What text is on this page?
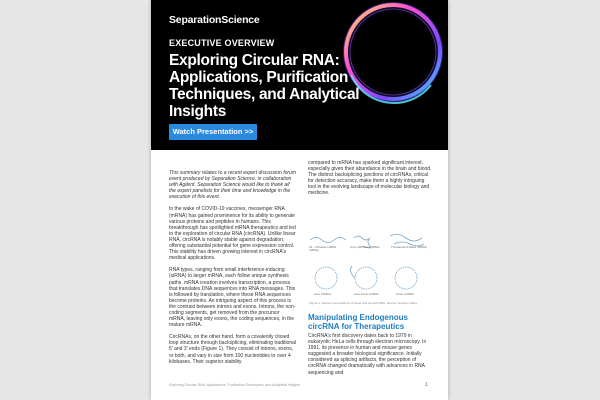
SeparationScience
EXECUTIVE OVERVIEW
Exploring Circular RNA: Applications, Purification Techniques, and Analytical Insights
Watch Presentation >>

This summary relates to a recent expert discussion forum event produced by Separation Science, in collaboration with Agilent. Separation Science would like to thank all the expert panelists for their time and knowledge in the execution of this event.

In the wake of COVID-19 vaccines, messenger RNA (mRNA) has gained prominence for its ability to generate various proteins and peptides in humans. This breakthrough has spotlighted mRNA therapeutics and led to the exploration of circular RNA (circRNA). Unlike linear RNA, circRNA is notably stable against degradation, offering substantial potential for gene expression control. This stability has driven growing interest in circRNA's medical applications.

RNA types, ranging from small interference-inducing (siRNA) to larger mRNA, each follow unique synthesis paths. mRNA creation involves transcription, a process that translates DNA sequences into RNA messages. This is followed by translation, where these RNA sequences become proteins. An intriguing aspect of this process is the contrast between introns and exons. Introns, the non-coding segments, get removed from the precursor mRNA, leaving only exons, the coding sequences, in the mature mRNA.

CircRNAs, on the other hand, form a covalently closed loop structure through backsplicing, eliminating traditional 5' and 3' ends (Figure 1). They consist of introns, exons, or both, and vary in size from 100 nucleotides to over 4 kilobases. Their superior stability

compared to mRNA has sparked significant interest, especially given their abundance in the brain and blood. The distinct backsplicing junctions of circRNAs, critical for detection accuracy, make them a highly intriguing tool in the evolving landscape of molecular biology and medicine.

19 ~ 30 bases (siRNA, miRNA)
Up to 100 bases (tRNA)	Thousands of bases (mRNA)
exon circRNA	exon-intron circRNA	intron circRNA
Figure 1: Various compositions of linear and circular RNA. Source: Andrew Coffey.
Manipulating Endogenous circRNA for Therapeutics

CircRNA's first discovery dates back to 1979 in eukaryotic HeLa cells through electron microscopy. In 1991, its presence in human and mouse genes suggested a broader biological significance. Initially considered as splicing artifacts, the perception of circRNA changed dramatically with advances in RNA sequencing and

Exploring Circular RNA: Applications, Purification Techniques, and Analytical Insights	1
